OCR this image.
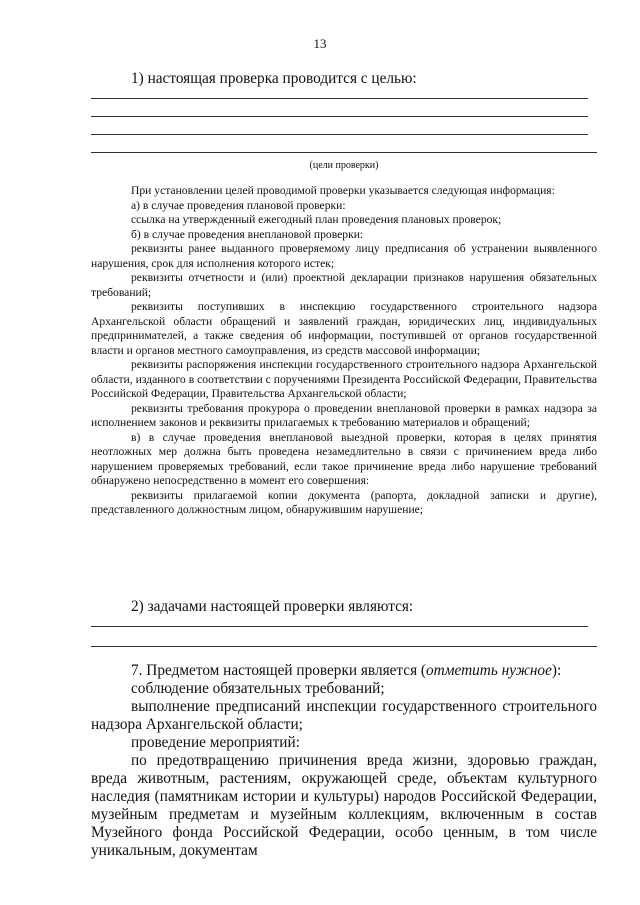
13

1) настоящая проверка проводится с целью:

(цели проверки)

При установлении целей проводимой проверки указывается следующая информация:

а) в случае проведения плановой проверки:

ссылка на утвержденный ежегодный план проведения плановых проверок;

б) в случае проведения внеплановой проверки:

реквизиты ранее выданного проверяемому лицу предписания об устранении выявленного нарушения, срок для исполнения которого истек;

реквизиты отчетности и (или) проектной декларации признаков нарушения обязательных требований;

реквизиты поступивших в инспекцию государственного строительного надзора Архангельской области обращений и заявлений граждан, юридических лиц, индивидуальных предпринимателей, а также сведения об информации, поступившей от органов государственной власти и органов местного самоуправления, из средств массовой информации;

реквизиты распоряжения инспекции государственного строительного надзора Архангельской области, изданного в соответствии с поручениями Президента Российской Федерации, Правительства Российской Федерации, Правительства Архангельской области;

реквизиты требования прокурора о проведении внеплановой проверки в рамках надзора за исполнением законов и реквизиты прилагаемых к требованию материалов и обращений;

в) в случае проведения внеплановой выездной проверки, которая в целях принятия неотложных мер должна быть проведена незамедлительно в связи с причинением вреда либо нарушением проверяемых требований, если такое причинение вреда либо нарушение требований обнаружено непосредственно в момент его совершения:

реквизиты прилагаемой копии документа (рапорта, докладной записки и другие), представленного должностным лицом, обнаружившим нарушение;

2) задачами настоящей проверки являются:

7. Предметом настоящей проверки является (отметить нужное):

соблюдение обязательных требований;

выполнение предписаний инспекции государственного строительного надзора Архангельской области;

проведение мероприятий:

по предотвращению причинения вреда жизни, здоровью граждан, вреда животным, растениям, окружающей среде, объектам культурного наследия (памятникам истории и культуры) народов Российской Федерации, музейным предметам и музейным коллекциям, включенным в состав Музейного фонда Российской Федерации, особо ценным, в том числе уникальным, документам
